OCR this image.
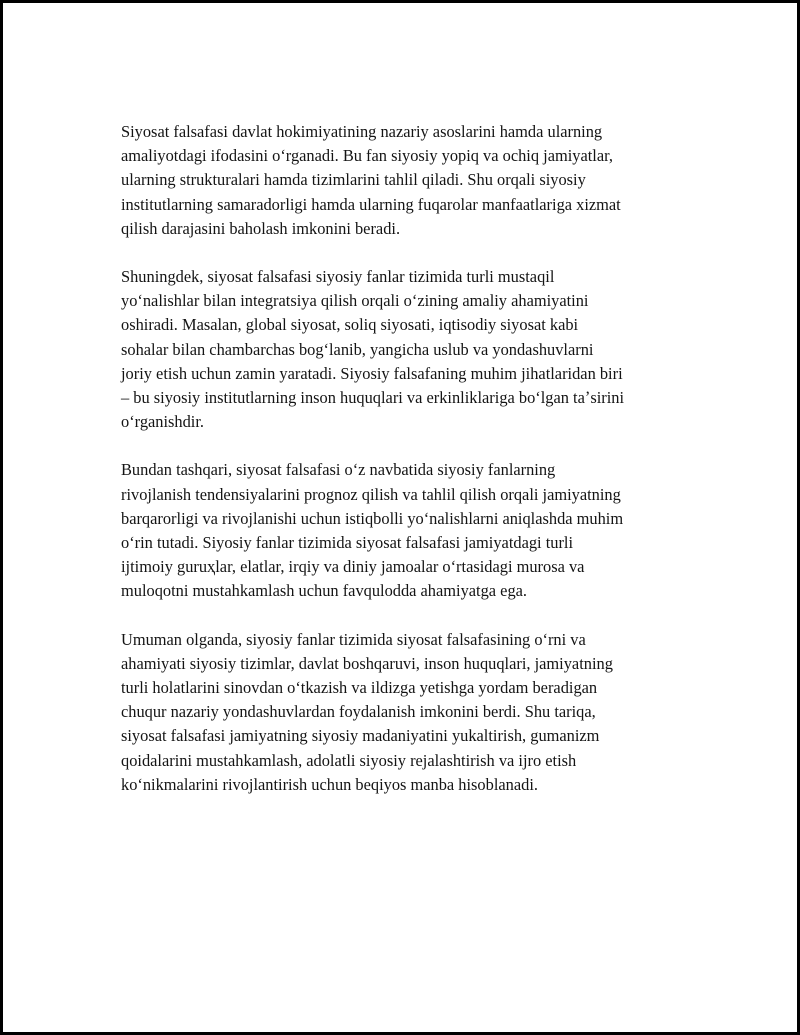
Siyosat falsafasi davlat hokimiyatining nazariy asoslarini hamda ularning
amaliyotdagi ifodasini oʻrganadi. Bu fan siyosiy yopiq va ochiq jamiyatlar,
ularning strukturalari hamda tizimlarini tahlil qiladi. Shu orqali siyosiy
institutlarning samaradorligi hamda ularning fuqarolar manfaatlariga xizmat
qilish darajasini baholash imkonini beradi.

Shuningdek, siyosat falsafasi siyosiy fanlar tizimida turli mustaqil
yoʻnalishlar bilan integratsiya qilish orqali oʻzining amaliy ahamiyatini
oshiradi. Masalan, global siyosat, soliq siyosati, iqtisodiy siyosat kabi
sohalar bilan chambarchas bogʻlanib, yangicha uslub va yondashuvlarni
joriy etish uchun zamin yaratadi. Siyosiy falsafaning muhim jihatlaridan biri
– bu siyosiy institutlarning inson huquqlari va erkinliklariga boʻlgan taʼsirini
oʻrganishdir.

Bundan tashqari, siyosat falsafasi oʻz navbatida siyosiy fanlarning
rivojlanish tendensiyalarini prognoz qilish va tahlil qilish orqali jamiyatning
barqarorligi va rivojlanishi uchun istiqbolli yoʻnalishlarni aniqlashda muhim
oʻrin tutadi. Siyosiy fanlar tizimida siyosat falsafasi jamiyatdagi turli
ijtimoiy guruҳlar, elatlar, irqiy va diniy jamoalar oʻrtasidagi murosa va
muloqotni mustahkamlash uchun favqulodda ahamiyatga ega.

Umuman olganda, siyosiy fanlar tizimida siyosat falsafasining oʻrni va
ahamiyati siyosiy tizimlar, davlat boshqaruvi, inson huquqlari, jamiyatning
turli holatlarini sinovdan oʻtkazish va ildizga yetishga yordam beradigan
chuqur nazariy yondashuvlardan foydalanish imkonini berdi. Shu tariqa,
siyosat falsafasi jamiyatning siyosiy madaniyatini yukaltirish, gumanizm
qoidalarini mustahkamlash, adolatli siyosiy rejalashtirish va ijro etish
koʻnikmalarini rivojlantirish uchun beqiyos manba hisoblanadi.
